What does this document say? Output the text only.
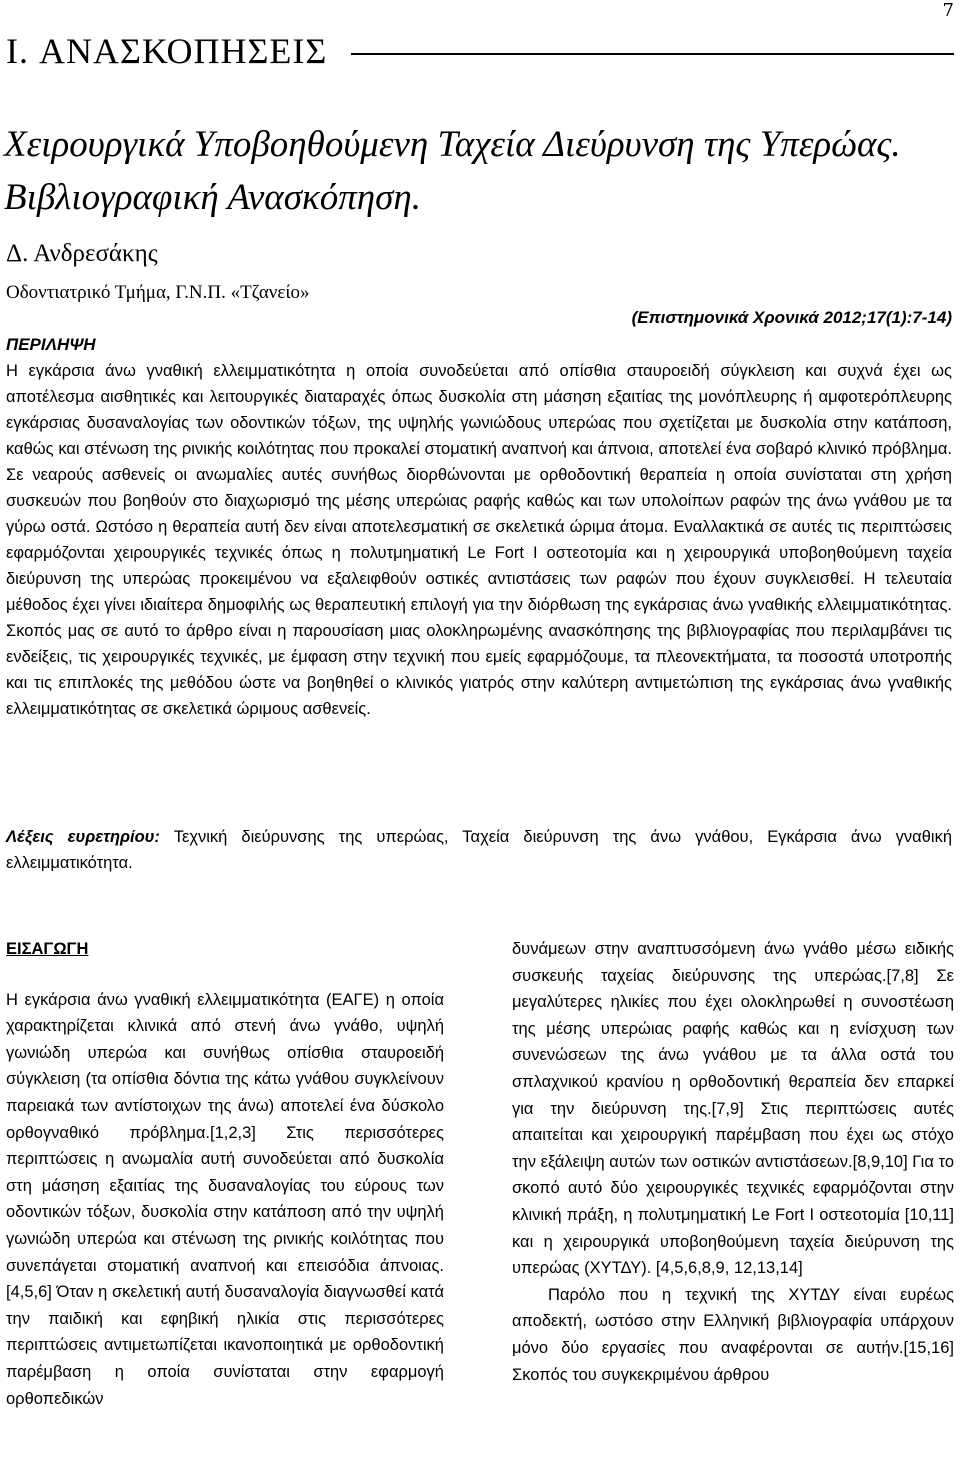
7
I. ΑΝΑΣΚΟΠΗΣΕΙΣ
Χειρουργικά Υποβοηθούμενη Ταχεία Διεύρυνση της Υπερώας. Βιβλιογραφική Ανασκόπηση.
Δ. Ανδρεσάκης
Οδοντιατρικό Τμήμα, Γ.Ν.Π. «Τζανείο»
(Επιστημονικά Χρονικά 2012;17(1):7-14)
ΠΕΡΙΛΗΨΗ
Η εγκάρσια άνω γναθική ελλειμματικότητα η οποία συνοδεύεται από οπίσθια σταυροειδή σύγκλειση και συχνά έχει ως αποτέλεσμα αισθητικές και λειτουργικές διαταραχές όπως δυσκολία στη μάσηση εξαιτίας της μονόπλευρης ή αμφοτερόπλευρης εγκάρσιας δυσαναλογίας των οδοντικών τόξων, της υψηλής γωνιώδους υπερώας που σχετίζεται με δυσκολία στην κατάποση, καθώς και στένωση της ρινικής κοιλότητας που προκαλεί στοματική αναπνοή και άπνοια, αποτελεί ένα σοβαρό κλινικό πρόβλημα. Σε νεαρούς ασθενείς οι ανωμαλίες αυτές συνήθως διορθώνονται με ορθοδοντική θεραπεία η οποία συνίσταται στη χρήση συσκευών που βοηθούν στο διαχωρισμό της μέσης υπερώιας ραφής καθώς και των υπολοίπων ραφών της άνω γνάθου με τα γύρω οστά. Ωστόσο η θεραπεία αυτή δεν είναι αποτελεσματική σε σκελετικά ώριμα άτομα. Εναλλακτικά σε αυτές τις περιπτώσεις εφαρμόζονται χειρουργικές τεχνικές όπως η πολυτμηματική Le Fort I οστεοτομία και η χειρουργικά υποβοηθούμενη ταχεία διεύρυνση της υπερώας προκειμένου να εξαλειφθούν οστικές αντιστάσεις των ραφών που έχουν συγκλεισθεί. Η τελευταία μέθοδος έχει γίνει ιδιαίτερα δημοφιλής ως θεραπευτική επιλογή για την διόρθωση της εγκάρσιας άνω γναθικής ελλειμματικότητας. Σκοπός μας σε αυτό το άρθρο είναι η παρουσίαση μιας ολοκληρωμένης ανασκόπησης της βιβλιογραφίας που περιλαμβάνει τις ενδείξεις, τις χειρουργικές τεχνικές, με έμφαση στην τεχνική που εμείς εφαρμόζουμε, τα πλεονεκτήματα, τα ποσοστά υποτροπής και τις επιπλοκές της μεθόδου ώστε να βοηθηθεί ο κλινικός γιατρός στην καλύτερη αντιμετώπιση της εγκάρσιας άνω γναθικής ελλειμματικότητας σε σκελετικά ώριμους ασθενείς.
Λέξεις ευρετηρίου: Τεχνική διεύρυνσης της υπερώας, Ταχεία διεύρυνση της άνω γνάθου, Εγκάρσια άνω γναθική ελλειμματικότητα.
ΕΙΣΑΓΩΓΗ

Η εγκάρσια άνω γναθική ελλειμματικότητα (ΕΑΓΕ) η οποία χαρακτηρίζεται κλινικά από στενή άνω γνάθο, υψηλή γωνιώδη υπερώα και συνήθως οπίσθια σταυροειδή σύγκλειση (τα οπίσθια δόντια της κάτω γνάθου συγκλείνουν παρειακά των αντίστοιχων της άνω) αποτελεί ένα δύσκολο ορθογναθικό πρόβλημα.[1,2,3] Στις περισσότερες περιπτώσεις η ανωμαλία αυτή συνοδεύεται από δυσκολία στη μάσηση εξαιτίας της δυσαναλογίας του εύρους των οδοντικών τόξων, δυσκολία στην κατάποση από την υψηλή γωνιώδη υπερώα και στένωση της ρινικής κοιλότητας που συνεπάγεται στοματική αναπνοή και επεισόδια άπνοιας.[4,5,6] Όταν η σκελετική αυτή δυσαναλογία διαγνωσθεί κατά την παιδική και εφηβική ηλικία στις περισσότερες περιπτώσεις αντιμετωπίζεται ικανοποιητικά με ορθοδοντική παρέμβαση η οποία συνίσταται στην εφαρμογή ορθοπεδικών

δυνάμεων στην αναπτυσσόμενη άνω γνάθο μέσω ειδικής συσκευής ταχείας διεύρυνσης της υπερώας.[7,8] Σε μεγαλύτερες ηλικίες που έχει ολοκληρωθεί η συνοστέωση της μέσης υπερώιας ραφής καθώς και η ενίσχυση των συνενώσεων της άνω γνάθου με τα άλλα οστά του σπλαχνικού κρανίου η ορθοδοντική θεραπεία δεν επαρκεί για την διεύρυνση της.[7,9] Στις περιπτώσεις αυτές απαιτείται και χειρουργική παρέμβαση που έχει ως στόχο την εξάλειψη αυτών των οστικών αντιστάσεων.[8,9,10] Για το σκοπό αυτό δύο χειρουργικές τεχνικές εφαρμόζονται στην κλινική πράξη, η πολυτμηματική Le Fort I οστεοτομία [10,11] και η χειρουργικά υποβοηθούμενη ταχεία διεύρυνση της υπερώας (ΧΥΤΔΥ). [4,5,6,8,9, 12,13,14]

Παρόλο που η τεχνική της ΧΥΤΔΥ είναι ευρέως αποδεκτή, ωστόσο στην Ελληνική βιβλιογραφία υπάρχουν μόνο δύο εργασίες που αναφέρονται σε αυτήν.[15,16] Σκοπός του συγκεκριμένου άρθρου
